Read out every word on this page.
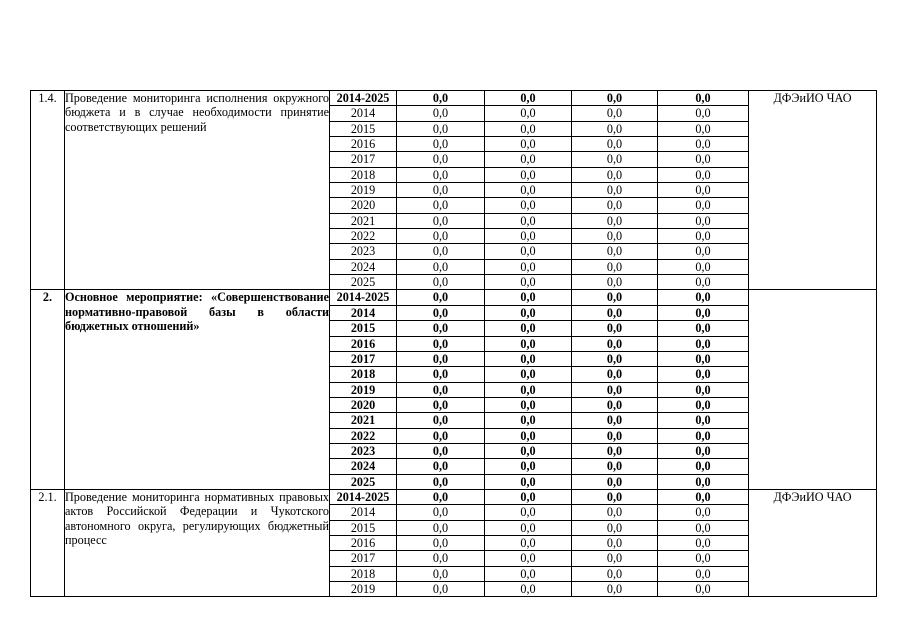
1.4.	Проведение мониторинга исполнения окружного бюджета и в случае необходимости принятие соответствующих решений	2014-2025	0,0	0,0	0,0	0,0	ДФЭиИО ЧАО
		2014	0,0	0,0	0,0	0,0	
		2015	0,0	0,0	0,0	0,0	
		2016	0,0	0,0	0,0	0,0	
		2017	0,0	0,0	0,0	0,0	
		2018	0,0	0,0	0,0	0,0	
		2019	0,0	0,0	0,0	0,0	
		2020	0,0	0,0	0,0	0,0	
		2021	0,0	0,0	0,0	0,0	
		2022	0,0	0,0	0,0	0,0	
		2023	0,0	0,0	0,0	0,0	
		2024	0,0	0,0	0,0	0,0	
		2025	0,0	0,0	0,0	0,0	
2.	Основное мероприятие: «Совершенствование нормативно-правовой базы в области бюджетных отношений»	2014-2025	0,0	0,0	0,0	0,0	
		2014	0,0	0,0	0,0	0,0	
		2015	0,0	0,0	0,0	0,0	
		2016	0,0	0,0	0,0	0,0	
		2017	0,0	0,0	0,0	0,0	
		2018	0,0	0,0	0,0	0,0	
		2019	0,0	0,0	0,0	0,0	
		2020	0,0	0,0	0,0	0,0	
		2021	0,0	0,0	0,0	0,0	
		2022	0,0	0,0	0,0	0,0	
		2023	0,0	0,0	0,0	0,0	
		2024	0,0	0,0	0,0	0,0	
		2025	0,0	0,0	0,0	0,0	
2.1.	Проведение мониторинга нормативных правовых актов Российской Федерации и Чукотского автономного округа, регулирующих бюджетный процесс	2014-2025	0,0	0,0	0,0	0,0	ДФЭиИО ЧАО
		2014	0,0	0,0	0,0	0,0	
		2015	0,0	0,0	0,0	0,0	
		2016	0,0	0,0	0,0	0,0	
		2017	0,0	0,0	0,0	0,0	
		2018	0,0	0,0	0,0	0,0	
		2019	0,0	0,0	0,0	0,0	
